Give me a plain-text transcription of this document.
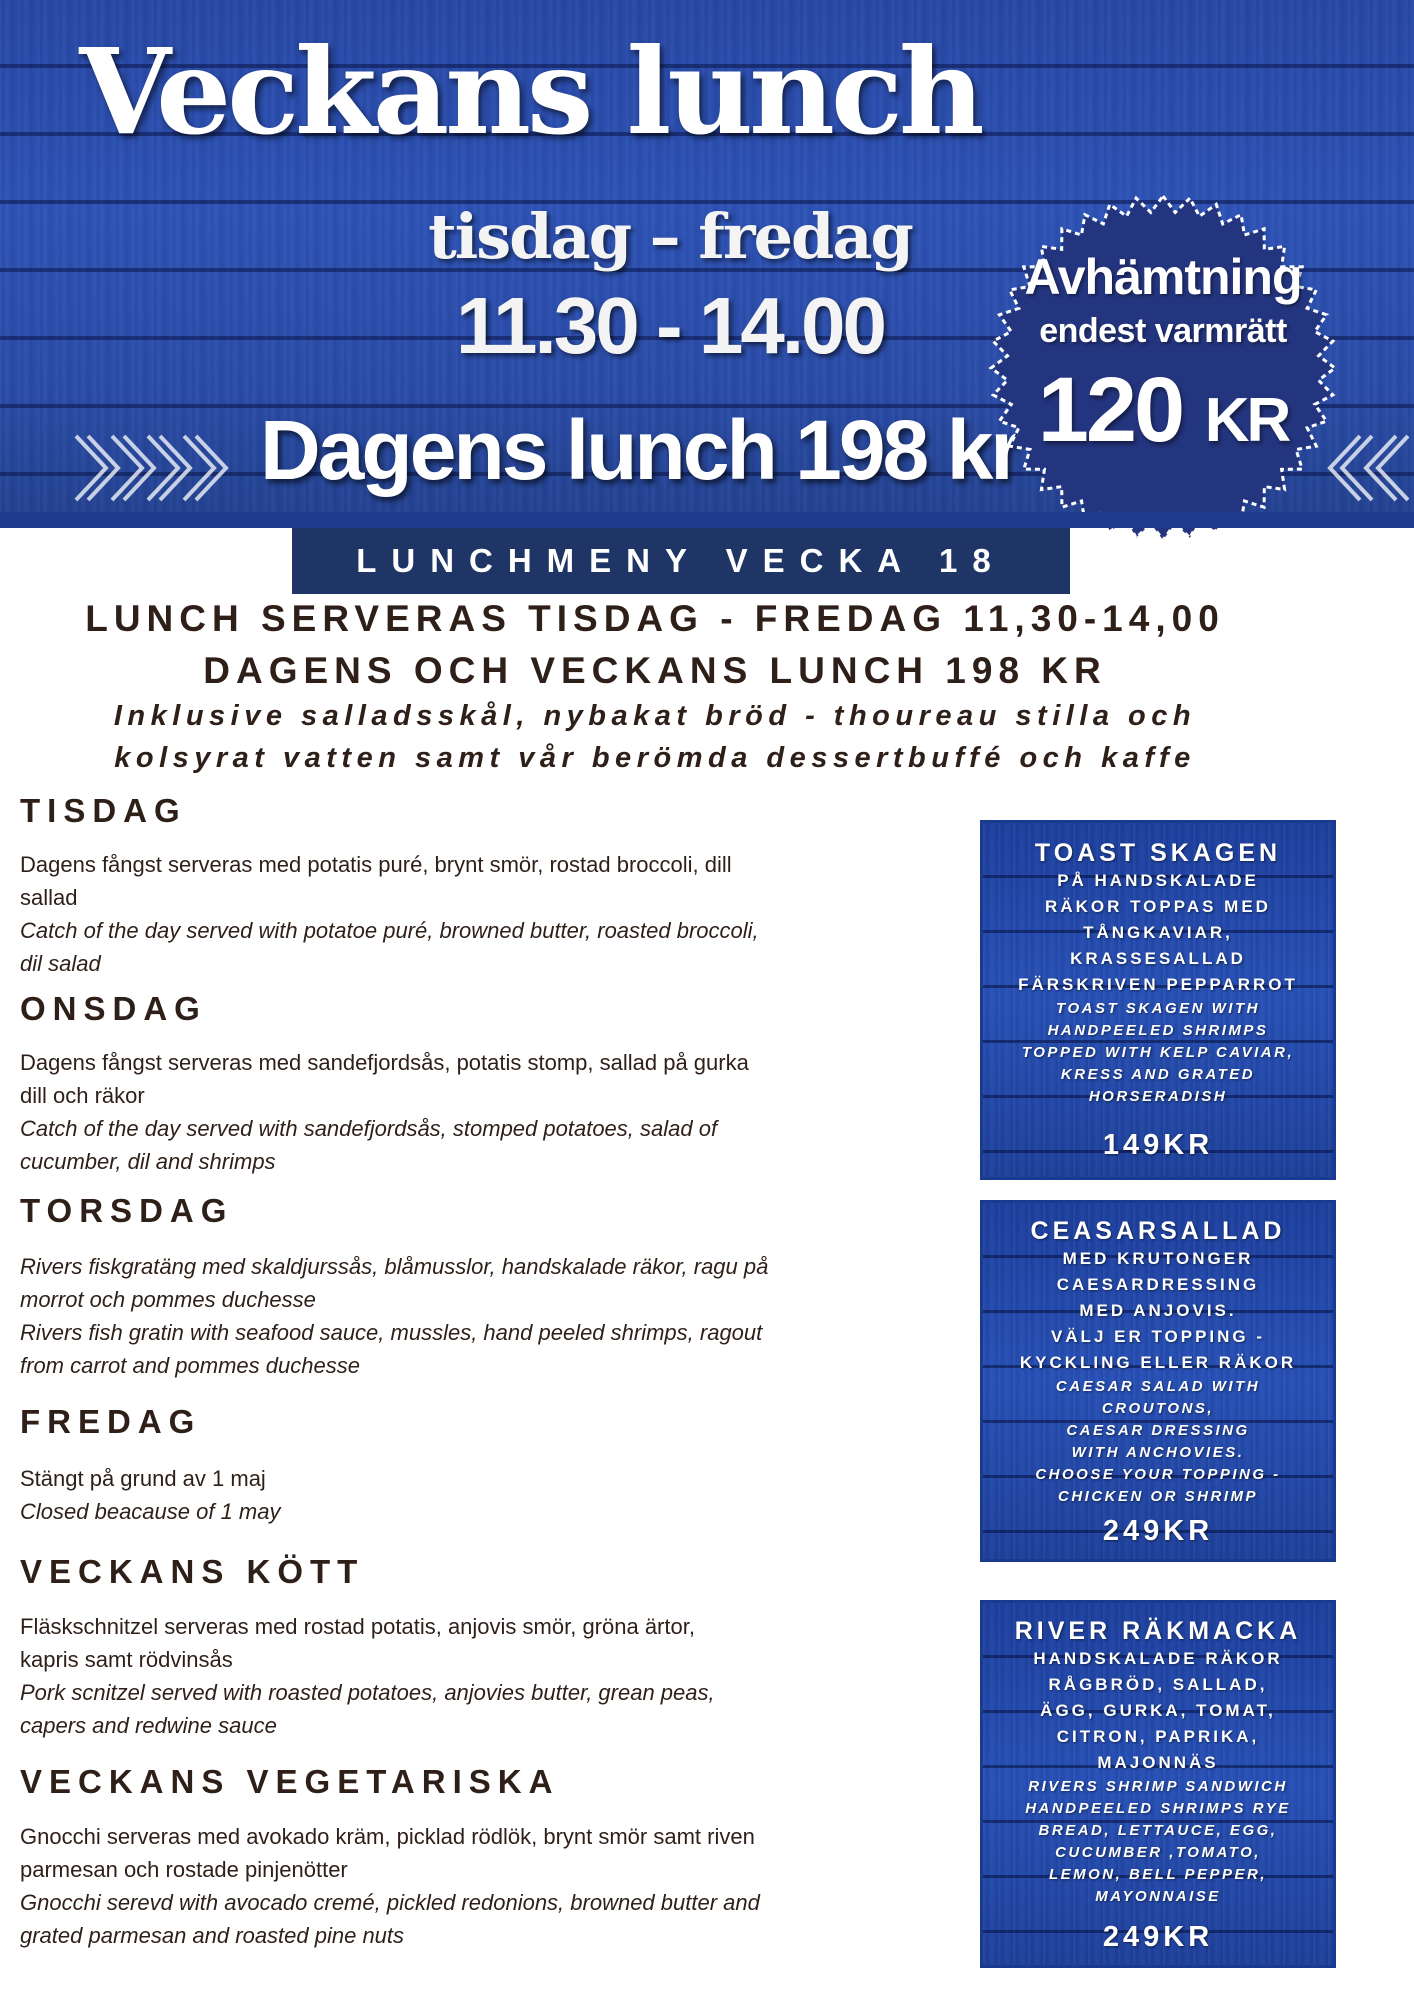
Veckans lunch
tisdag – fredag
11.30 - 14.00
Dagens lunch 198 kr
Avhämtning
endest varmrätt
120 KR
LUNCHMENY VECKA 18
LUNCH SERVERAS TISDAG - FREDAG 11,30-14,00
DAGENS OCH VECKANS LUNCH 198 KR
Inklusive salladsskål, nybakat bröd - thoureau stilla och
kolsyrat vatten samt vår berömda dessertbuffé och kaffe
TISDAG
Dagens fångst serveras med potatis puré, brynt smör, rostad broccoli, dill
sallad
Catch of the day served with potatoe puré, browned butter, roasted broccoli,
dil salad
ONSDAG
Dagens fångst serveras med sandefjordsås, potatis stomp, sallad på gurka
dill och räkor
Catch of the day served with sandefjordsås, stomped potatoes, salad of
cucumber, dil and shrimps
TORSDAG
Rivers fiskgratäng med skaldjurssås, blåmusslor, handskalade räkor, ragu på
morrot och pommes duchesse
Rivers fish gratin with seafood sauce, mussles, hand peeled shrimps, ragout
from carrot and pommes duchesse
FREDAG
Stängt på grund av 1 maj
Closed beacause of 1 may
VECKANS KÖTT
Fläskschnitzel serveras med rostad potatis, anjovis smör, gröna ärtor,
kapris samt rödvinsås
Pork scnitzel served with roasted potatoes, anjovies butter, grean peas,
capers and redwine sauce
VECKANS VEGETARISKA
Gnocchi serveras med avokado kräm, picklad rödlök, brynt smör samt riven
parmesan och rostade pinjenötter
Gnocchi serevd with avocado cremé, pickled redonions, browned butter and
grated parmesan and roasted pine nuts
TOAST SKAGEN
PÅ HANDSKALADE
RÄKOR TOPPAS MED
TÅNGKAVIAR,
KRASSESALLAD
FÄRSKRIVEN PEPPARROT
TOAST SKAGEN WITH
HANDPEELED SHRIMPS
TOPPED WITH KELP CAVIAR,
KRESS AND GRATED
HORSERADISH
149KR
CEASARSALLAD
MED KRUTONGER
CAESARDRESSING
MED ANJOVIS.
VÄLJ ER TOPPING -
KYCKLING ELLER RÄKOR
CAESAR SALAD WITH
CROUTONS,
CAESAR DRESSING
WITH ANCHOVIES.
CHOOSE YOUR TOPPING -
CHICKEN OR SHRIMP
249KR
RIVER RÄKMACKA
HANDSKALADE RÄKOR
RÅGBRÖD, SALLAD,
ÄGG, GURKA, TOMAT,
CITRON, PAPRIKA,
MAJONNÄS
RIVERS SHRIMP SANDWICH
HANDPEELED SHRIMPS RYE
BREAD, LETTAUCE, EGG,
CUCUMBER ,TOMATO,
LEMON, BELL PEPPER,
MAYONNAISE
249KR
